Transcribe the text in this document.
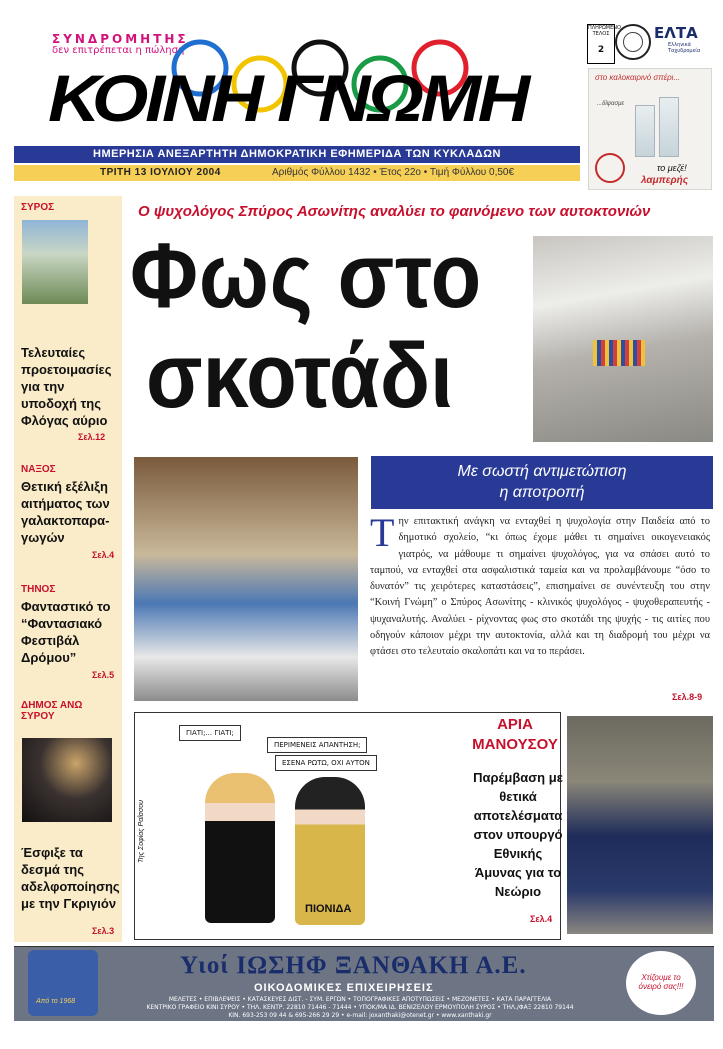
ΣΥΝΔΡΟΜΗΤΗΣ
δεν επιτρέπεται η πώληση
ΚΟΙΝΗ ΓΝΩΜΗ
ΠΛΗΡΩΜΕΝΟ ΤΕΛΟΣ
2
ΕΛΤΑ
Ελληνικά Ταχυδρομεία
στο καλοκαιρινό σπέρι...
...δίψασμε
το μεζέ!
λαμπερής
ΗΜΕΡΗΣΙΑ ΑΝΕΞΑΡΤΗΤΗ ΔΗΜΟΚΡΑΤΙΚΗ ΕΦΗΜΕΡΙΔΑ ΤΩΝ ΚΥΚΛΑΔΩΝ
ΤΡΙΤΗ 13 ΙΟΥΛΙΟΥ 2004	Αριθμός Φύλλου 1432 • Έτος 22ο • Τιμή Φύλλου 0,50€
ΣΥΡΟΣ
Τελευταίες προετοιμασίες για την υποδοχή της Φλόγας αύριο
Σελ.12
ΝΑΞΟΣ
Θετική εξέλιξη αιτήματος των γαλακτοπαρα-γωγών
Σελ.4
ΤΗΝΟΣ
Φανταστικό το “Φαντασιακό Φεστιβάλ Δρόμου”
Σελ.5
ΔΗΜΟΣ ΑΝΩ ΣΥΡΟΥ
Έσφιξε τα δεσμά της αδελφοποίησης με την Γκριγιόν
Σελ.3
Ο ψυχολόγος Σπύρος Ασωνίτης αναλύει το φαινόμενο των αυτοκτονιών
Φως στο
σκοτάδι
Με σωστή αντιμετώπιση
η αποτροπή
Την επιτακτική ανάγκη να ενταχθεί η ψυχολογία στην Παιδεία από το δημοτικό σχολείο, “κι όπως έχομε μάθει τι σημαίνει οικογενειακός γιατρός, να μάθουμε τι σημαίνει ψυχολόγος, για να σπάσει αυτό το ταμπού, να ενταχθεί στα ασφαλιστικά ταμεία και να προλαμβάνουμε “όσο το δυνατόν” τις χειρότερες καταστάσεις”, επισημαίνει σε συνέντευξη του στην “Κοινή Γνώμη” ο Σπύρος Ασωνίτης - κλινικός ψυχολόγος - ψυχοθεραπευτής - ψυχαναλυτής. Αναλύει - ρίχνοντας φως στο σκοτάδι της ψυχής - τις αιτίες που οδηγούν κάποιον μέχρι την αυτοκτονία, αλλά και τη διαδρομή του μέχρι να φτάσει στο τελευταίο σκαλοπάτι και να το περάσει.
Σελ.8-9
ΓΙΑΤΙ;... ΓΙΑΤΙ;
ΠΕΡΙΜΕΝΕΙΣ ΑΠΑΝΤΗΣΗ;
ΕΣΕΝΑ ΡΩΤΩ, ΟΧΙ ΑΥΤΟΝ
ΣΥΡΑ	ΠΙΟΝΙΔΑ
Της Σοφίας Ραΐσσου
ΑΡΙΑ
ΜΑΝΟΥΣΟΥ
Παρέμβαση με θετικά αποτελέσματα στον υπουργό Εθνικής Άμυνας για το Νεώριο
Σελ.4
Από το 1968
Υιοί ΙΩΣΗΦ ΞΑΝΘΑΚΗ Α.Ε.
ΟΙΚΟΔΟΜΙΚΕΣ ΕΠΙΧΕΙΡΗΣΕΙΣ
ΜΕΛΕΤΕΣ • ΕΠΙΒΛΕΨΕΙΣ • ΚΑΤΑΣΚΕΥΕΣ ΔΙΣΤ. - ΣΥΜ. ΕΡΓΩΝ • ΤΟΠΟΓΡΑΦΙΚΕΣ ΑΠΟΤΥΠΩΣΕΙΣ • ΜΕΖΟΝΕΤΕΣ • ΚΑΤΑ ΠΑΡΑΓΓΕΛΙΑ
ΚΕΝΤΡΙΚΟ ΓΡΑΦΕΙΟ ΚΙΝΙ ΣΥΡΟΥ • ΤΗΛ. ΚΕΝΤΡ. 22810 71446 - 71444 • ΥΠΟΚ/ΜΑ ΙΔ. ΒΕΝΙΖΕΛΟΥ ΕΡΜΟΥΠΟΛΗ ΣΥΡΟΣ • ΤΗΛ./ΦΑΞ 22810 79144
ΚΙΝ. 693-253 09 44 & 695-266 29 29 • e-mail: joxanthaki@otenet.gr • www.xanthaki.gr
Χτίζουμε το όνειρό σας!!!
